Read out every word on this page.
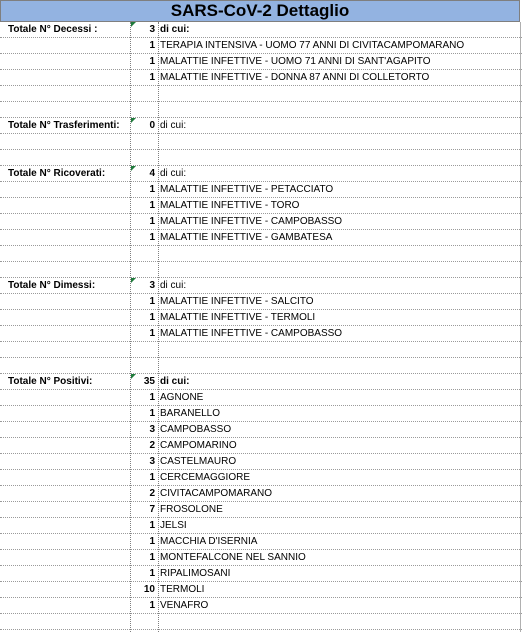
SARS-CoV-2 Dettaglio
Totale N° Decessi :	3 di cui:
1 TERAPIA INTENSIVA - UOMO 77 ANNI DI CIVITACAMPOMARANO
1 MALATTIE INFETTIVE - UOMO 71 ANNI DI SANT'AGAPITO
1 MALATTIE INFETTIVE - DONNA 87 ANNI DI COLLETORTO
Totale N° Trasferimenti:	0 di cui:
Totale N° Ricoverati:	4 di cui:
1 MALATTIE INFETTIVE - PETACCIATO
1 MALATTIE INFETTIVE - TORO
1 MALATTIE INFETTIVE - CAMPOBASSO
1 MALATTIE INFETTIVE - GAMBATESA
Totale N° Dimessi:	3 di cui:
1 MALATTIE INFETTIVE - SALCITO
1 MALATTIE INFETTIVE - TERMOLI
1 MALATTIE INFETTIVE - CAMPOBASSO
Totale N° Positivi:	35 di cui:
1 AGNONE
1 BARANELLO
3 CAMPOBASSO
2 CAMPOMARINO
3 CASTELMAURO
1 CERCEMAGGIORE
2 CIVITACAMPOMARANO
7 FROSOLONE
1 JELSI
1 MACCHIA D'ISERNIA
1 MONTEFALCONE NEL SANNIO
1 RIPALIMOSANI
10 TERMOLI
1 VENAFRO
